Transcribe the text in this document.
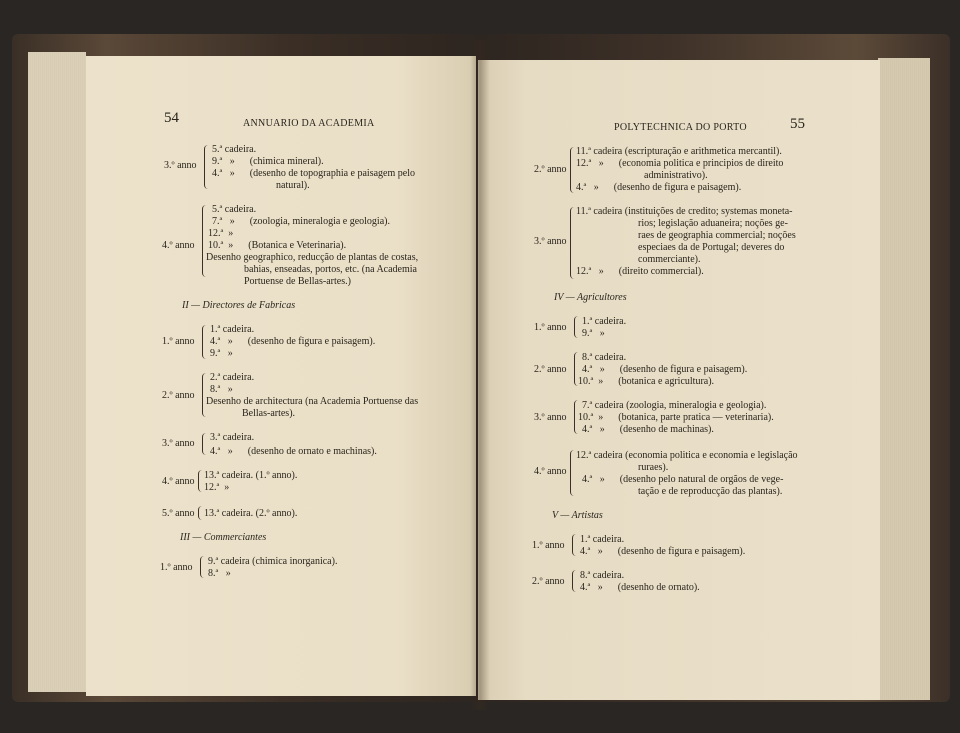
54	ANNUARIO DA ACADEMIA
5.ª cadeira.
3.º anno 9.ª   »      (chimica mineral).
4.ª   »      (desenho de topographia e paisagem pelo
natural).
5.ª cadeira.
7.ª   »      (zoologia, mineralogia e geologia).
12.ª  »
4.º anno 10.ª  »      (Botanica e Veterinaria).
Desenho geographico, reducção de plantas de costas,
bahias, enseadas, portos, etc. (na Academia
Portuense de Bellas-artes.)
II — Directores de Fabricas
1.ª cadeira.
1.º anno 4.ª   »      (desenho de figura e paisagem).
9.ª   »
2.ª cadeira.
8.ª   »
2.º anno
Desenho de architectura (na Academia Portuense das
Bellas-artes).
3.ª cadeira.
3.º anno
4.ª   »      (desenho de ornato e machinas).
13.ª cadeira. (1.º anno).
4.º anno
12.ª  »
5.º anno 13.ª cadeira. (2.º anno).
III — Commerciantes
9.ª cadeira (chimica inorganica).
1.º anno
8.ª   »
POLYTECHNICA DO PORTO	55
11.ª cadeira (escripturação e arithmetica mercantil).
12.ª   »      (economia politica e principios de direito
2.º anno
administrativo).
4.ª   »      (desenho de figura e paisagem).
11.ª cadeira (instituições de credito; systemas moneta-
rios; legislação aduaneira; noções ge-
raes de geographia commercial; noções
3.º anno
especiaes da de Portugal; deveres do
commerciante).
12.ª   »      (direito commercial).
IV — Agricultores
1.ª cadeira.
1.º anno
9.ª   »
8.ª cadeira.
2.º anno 4.ª   »      (desenho de figura e paisagem).
10.ª  »      (botanica e agricultura).
7.ª cadeira (zoologia, mineralogia e geologia).
3.º anno 10.ª  »      (botanica, parte pratica — veterinaria).
4.ª   »      (desenho de machinas).
12.ª cadeira (economia politica e economia e legislação
ruraes).
4.º anno
4.ª   »      (desenho pelo natural de orgãos de vege-
tação e de reproducção das plantas).
V — Artistas
1.ª cadeira.
1.º anno
4.ª   »      (desenho de figura e paisagem).
8.ª cadeira.
2.º anno
4.ª   »      (desenho de ornato).
